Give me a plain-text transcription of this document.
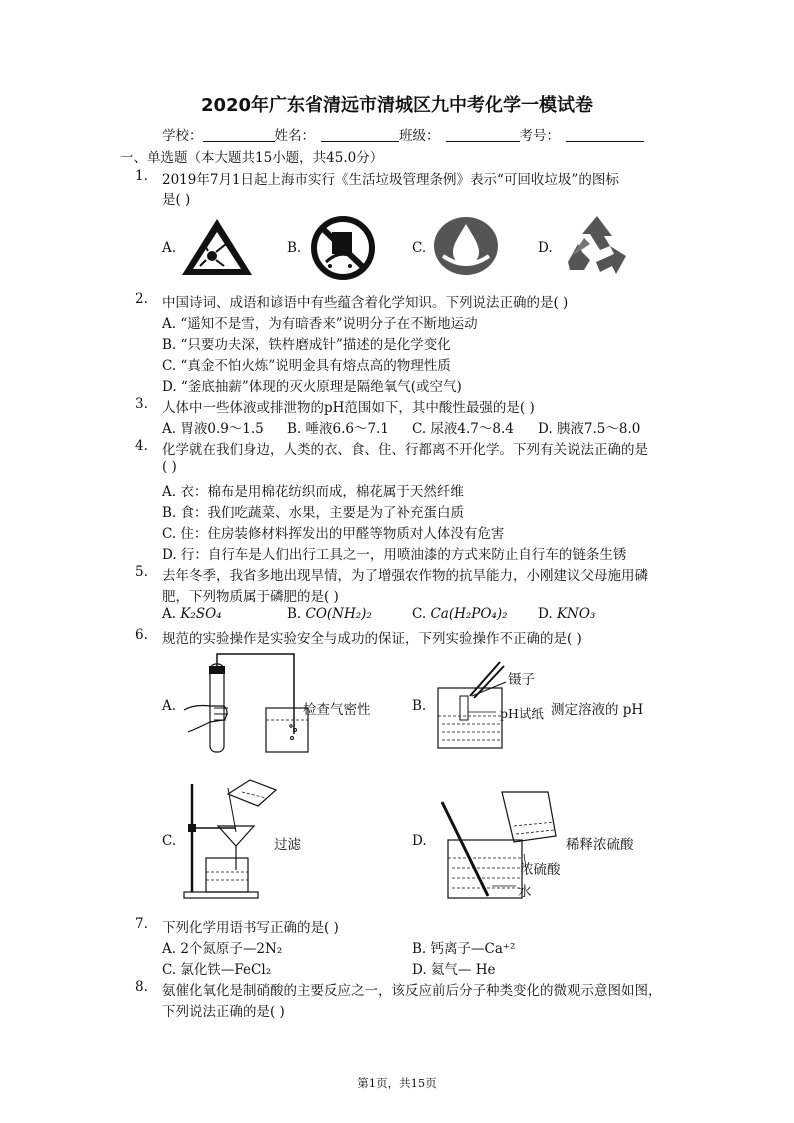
2020年广东省清远市清城区九中考化学一模试卷
学校：	姓名：	班级：	考号：
一、单选题（本大题共15小题，共45.0分）
1. 2019年7月1日起上海市实行《生活垃圾管理条例》表示“可回收垃圾”的图标
是( )
A.	B.	C.	D.
2. 中国诗词、成语和谚语中有些蕴含着化学知识。下列说法正确的是( )
A. “遥知不是雪，为有暗香来”说明分子在不断地运动
B. “只要功夫深，铁杵磨成针”描述的是化学变化
C. “真金不怕火炼”说明金具有熔点高的物理性质
D. “釜底抽薪”体现的灭火原理是隔绝氧气(或空气)
3. 人体中一些体液或排泄物的pH范围如下，其中酸性最强的是( )
A. 胃液0.9～1.5 B. 唾液6.6～7.1 C. 尿液4.7～8.4 D. 胰液7.5～8.0
4. 化学就在我们身边，人类的衣、食、住、行都离不开化学。下列有关说法正确的是
( )
A. 衣：棉布是用棉花纺织而成，棉花属于天然纤维
B. 食：我们吃蔬菜、水果，主要是为了补充蛋白质
C. 住：住房装修材料挥发出的甲醛等物质对人体没有危害
D. 行：自行车是人们出行工具之一，用喷油漆的方式来防止自行车的链条生锈
5. 去年冬季，我省多地出现旱情，为了增强农作物的抗旱能力，小刚建议父母施用磷
肥，下列物质属于磷肥的是( )
A. K₂SO₄	B. CO(NH₂)₂	C. Ca(H₂PO₄)₂ D. KNO₃
6. 规范的实验操作是实验安全与成功的保证，下列实验操作不正确的是( )
A.	B.
C.	D.
检查气密性
镊子
pH试纸 测定溶液的 pH
过滤	稀释浓硫酸
浓硫酸
水
7. 下列化学用语书写正确的是( )
A. 2个氮原子—2N₂	B. 钙离子—Ca⁺²
C. 氯化铁—FeCl₂	D. 氦气— He
8. 氨催化氧化是制硝酸的主要反应之一，该反应前后分子种类变化的微观示意图如图，
下列说法正确的是( )
第1页，共15页
